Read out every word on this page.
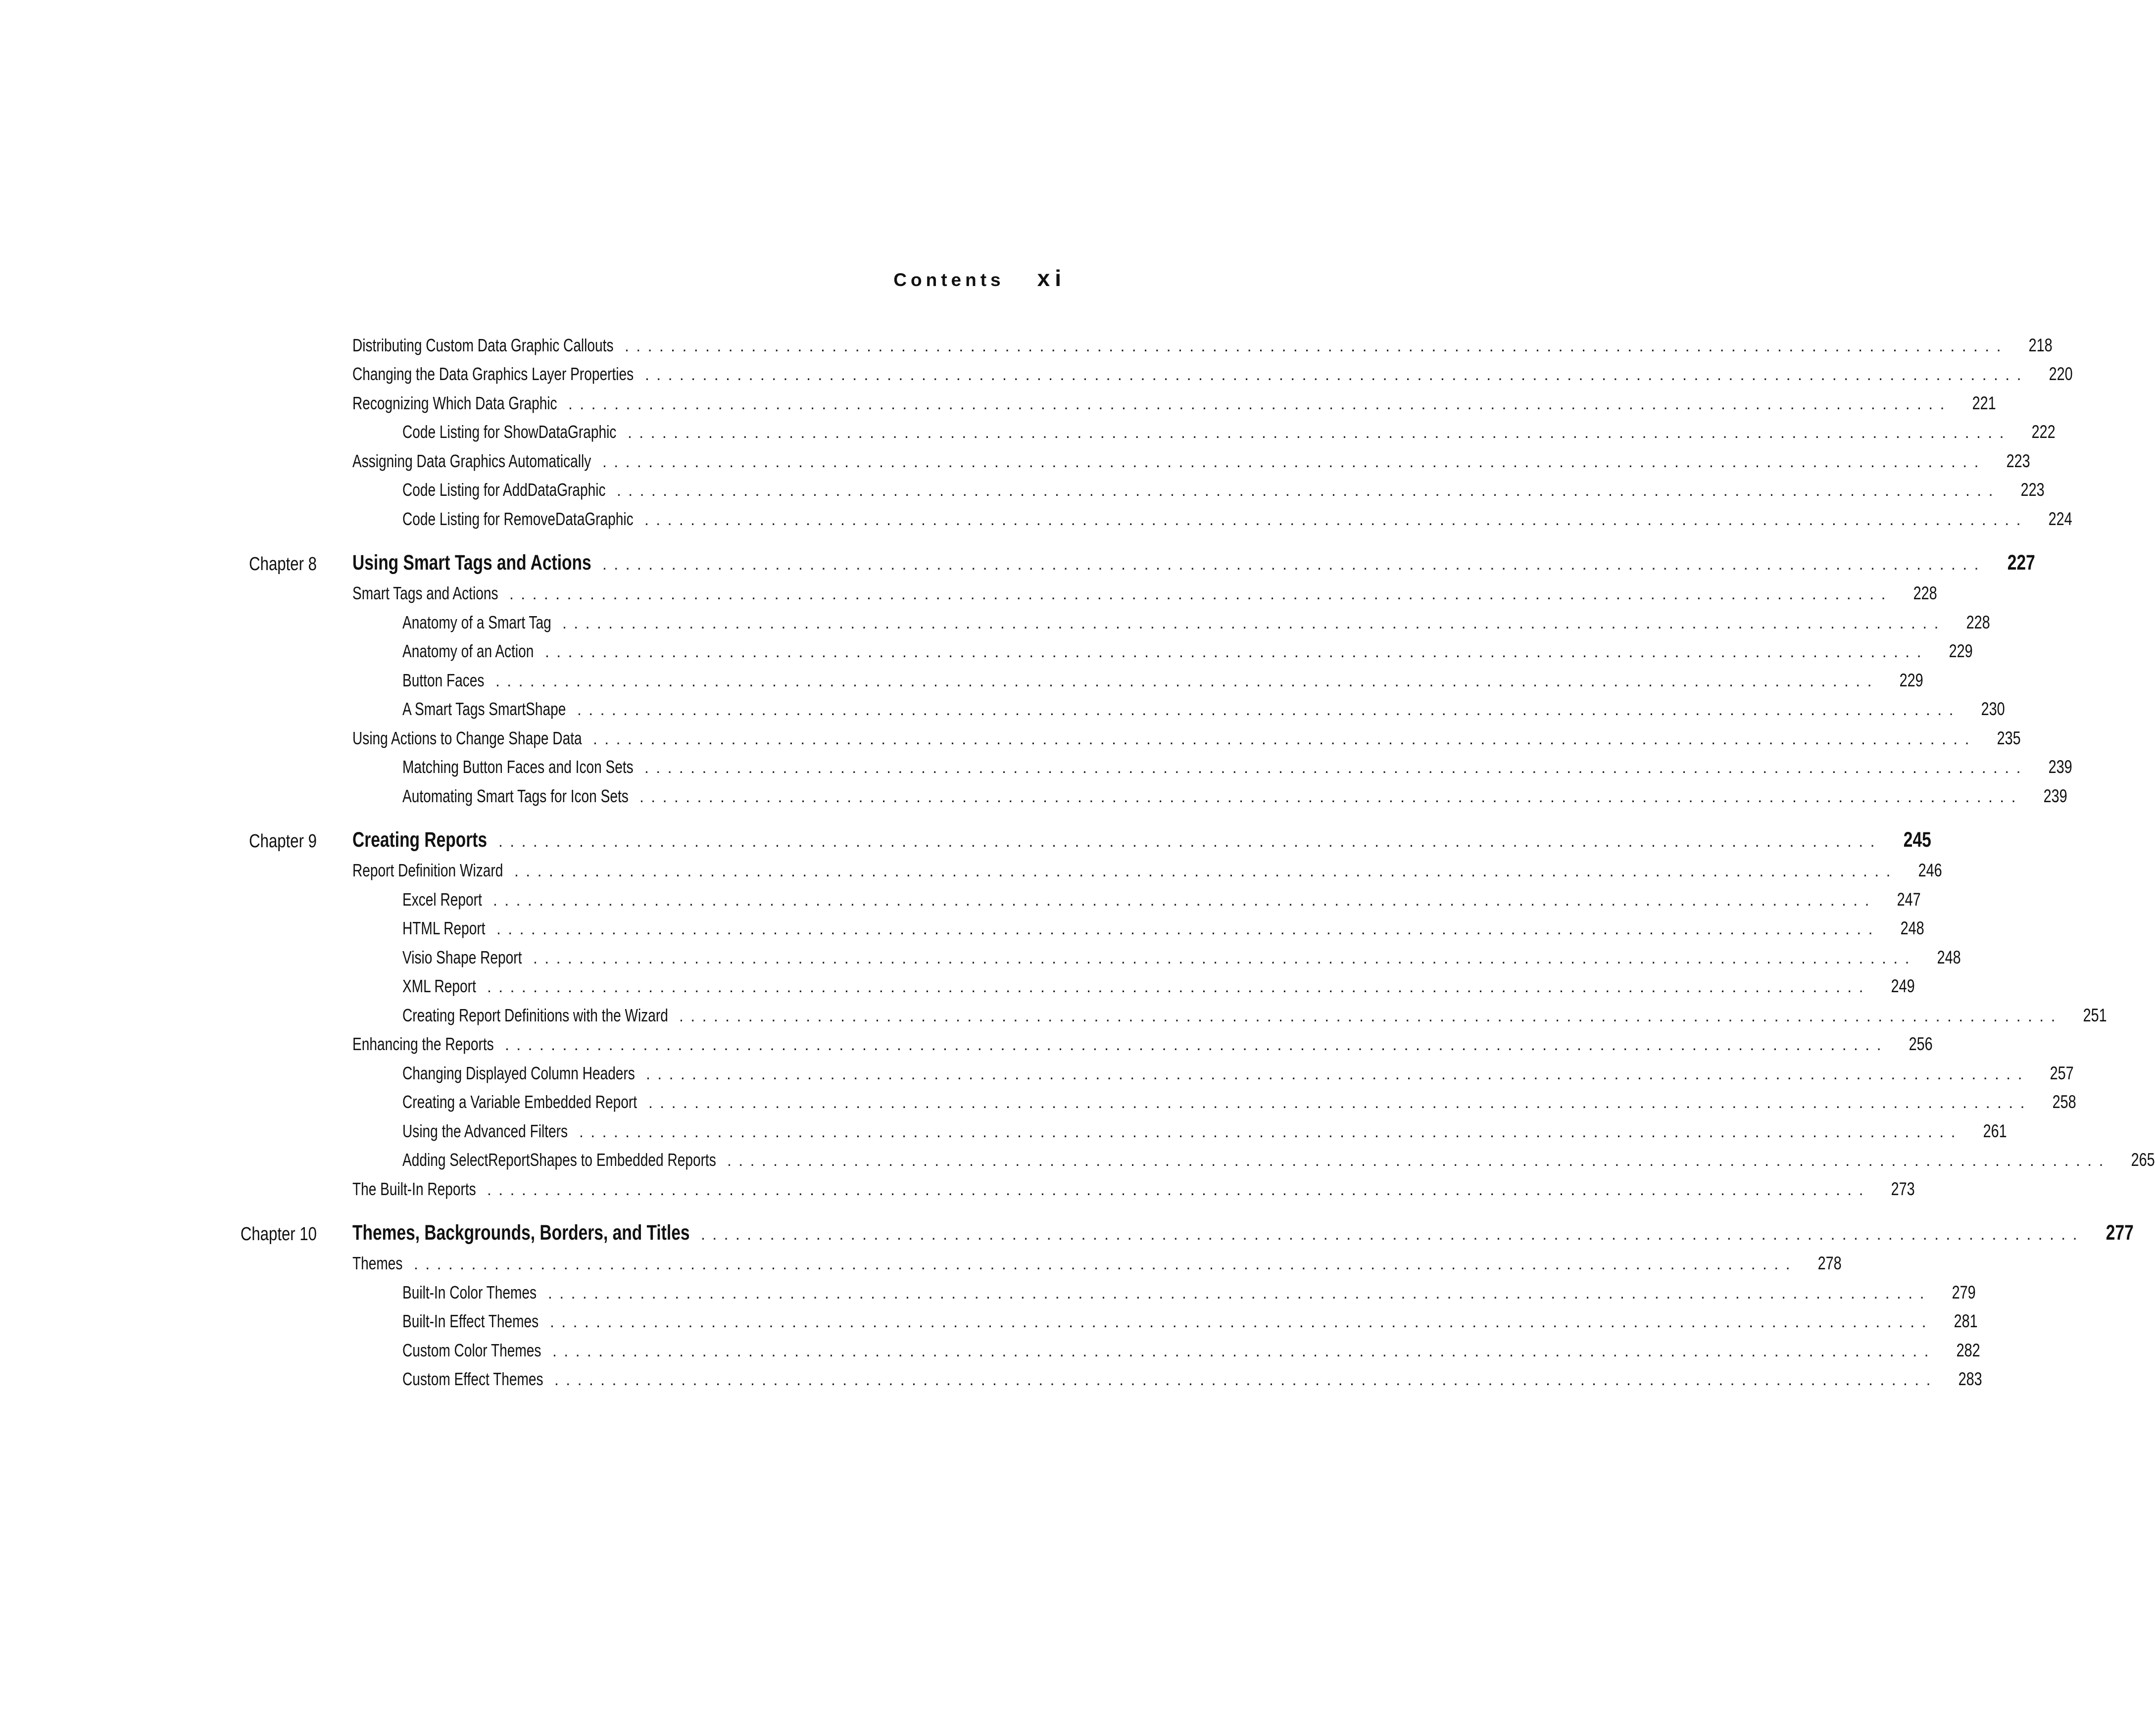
Contents xi
Distributing Custom Data Graphic Callouts ........................................................................................................................	218
Changing the Data Graphics Layer Properties ........................................................................................................................	220
Recognizing Which Data Graphic ........................................................................................................................	221
Code Listing for ShowDataGraphic ........................................................................................................................	222
Assigning Data Graphics Automatically ........................................................................................................................	223
Code Listing for AddDataGraphic ........................................................................................................................	223
Code Listing for RemoveDataGraphic ........................................................................................................................	224
Chapter 8 Using Smart Tags and Actions ........................................................................................................................	227
Smart Tags and Actions ........................................................................................................................	228
Anatomy of a Smart Tag ........................................................................................................................	228
Anatomy of an Action ........................................................................................................................	229
Button Faces ........................................................................................................................	229
A Smart Tags SmartShape ........................................................................................................................	230
Using Actions to Change Shape Data ........................................................................................................................	235
Matching Button Faces and Icon Sets ........................................................................................................................	239
Automating Smart Tags for Icon Sets ........................................................................................................................	239
Chapter 9 Creating Reports ........................................................................................................................	245
Report Definition Wizard ........................................................................................................................	246
Excel Report ........................................................................................................................	247
HTML Report ........................................................................................................................	248
Visio Shape Report ........................................................................................................................	248
XML Report ........................................................................................................................	249
Creating Report Definitions with the Wizard ........................................................................................................................	251
Enhancing the Reports ........................................................................................................................	256
Changing Displayed Column Headers ........................................................................................................................	257
Creating a Variable Embedded Report ........................................................................................................................	258
Using the Advanced Filters ........................................................................................................................	261
Adding SelectReportShapes to Embedded Reports ........................................................................................................................	265
The Built-In Reports ........................................................................................................................	273
Chapter 10 Themes, Backgrounds, Borders, and Titles ........................................................................................................................	277
Themes ........................................................................................................................	278
Built-In Color Themes ........................................................................................................................	279
Built-In Effect Themes ........................................................................................................................	281
Custom Color Themes ........................................................................................................................	282
Custom Effect Themes ........................................................................................................................	283
